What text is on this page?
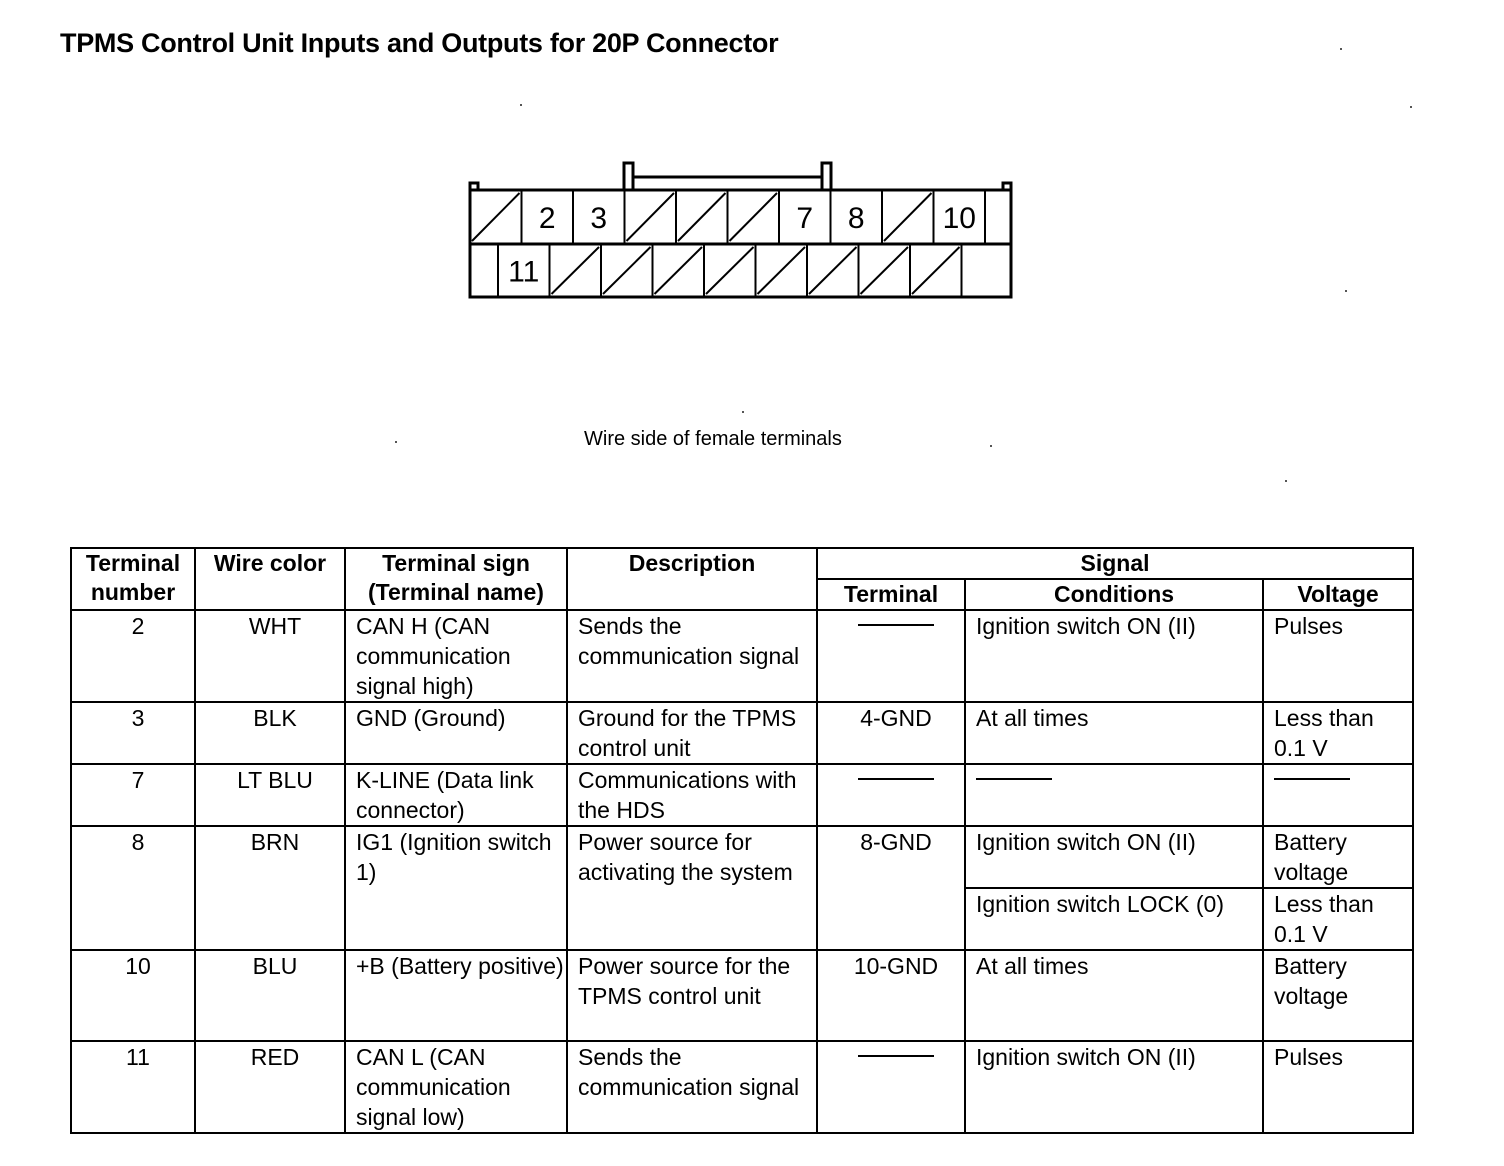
TPMS Control Unit Inputs and Outputs for 20P Connector
2 3	7 8	10
11
Wire side of female terminals
Terminal number	Wire color	Terminal sign (Terminal name)	Description	Signal		
				Terminal	Conditions	Voltage
2	WHT	CAN H (CAN communication signal high)	Sends the communication signal		Ignition switch ON (II)	Pulses
3	BLK	GND (Ground)	Ground for the TPMS control unit	4-GND	At all times	Less than 0.1 V
7	LT BLU	K-LINE (Data link connector)	Communications with the HDS			
8	BRN	IG1 (Ignition switch 1)	Power source for activating the system	8-GND	Ignition switch ON (II)	Battery voltage
					Ignition switch LOCK (0)	Less than 0.1 V
10	BLU	+B (Battery positive)	Power source for the TPMS control unit	10-GND	At all times	Battery voltage
11	RED	CAN L (CAN communication signal low)	Sends the communication signal		Ignition switch ON (II)	Pulses
